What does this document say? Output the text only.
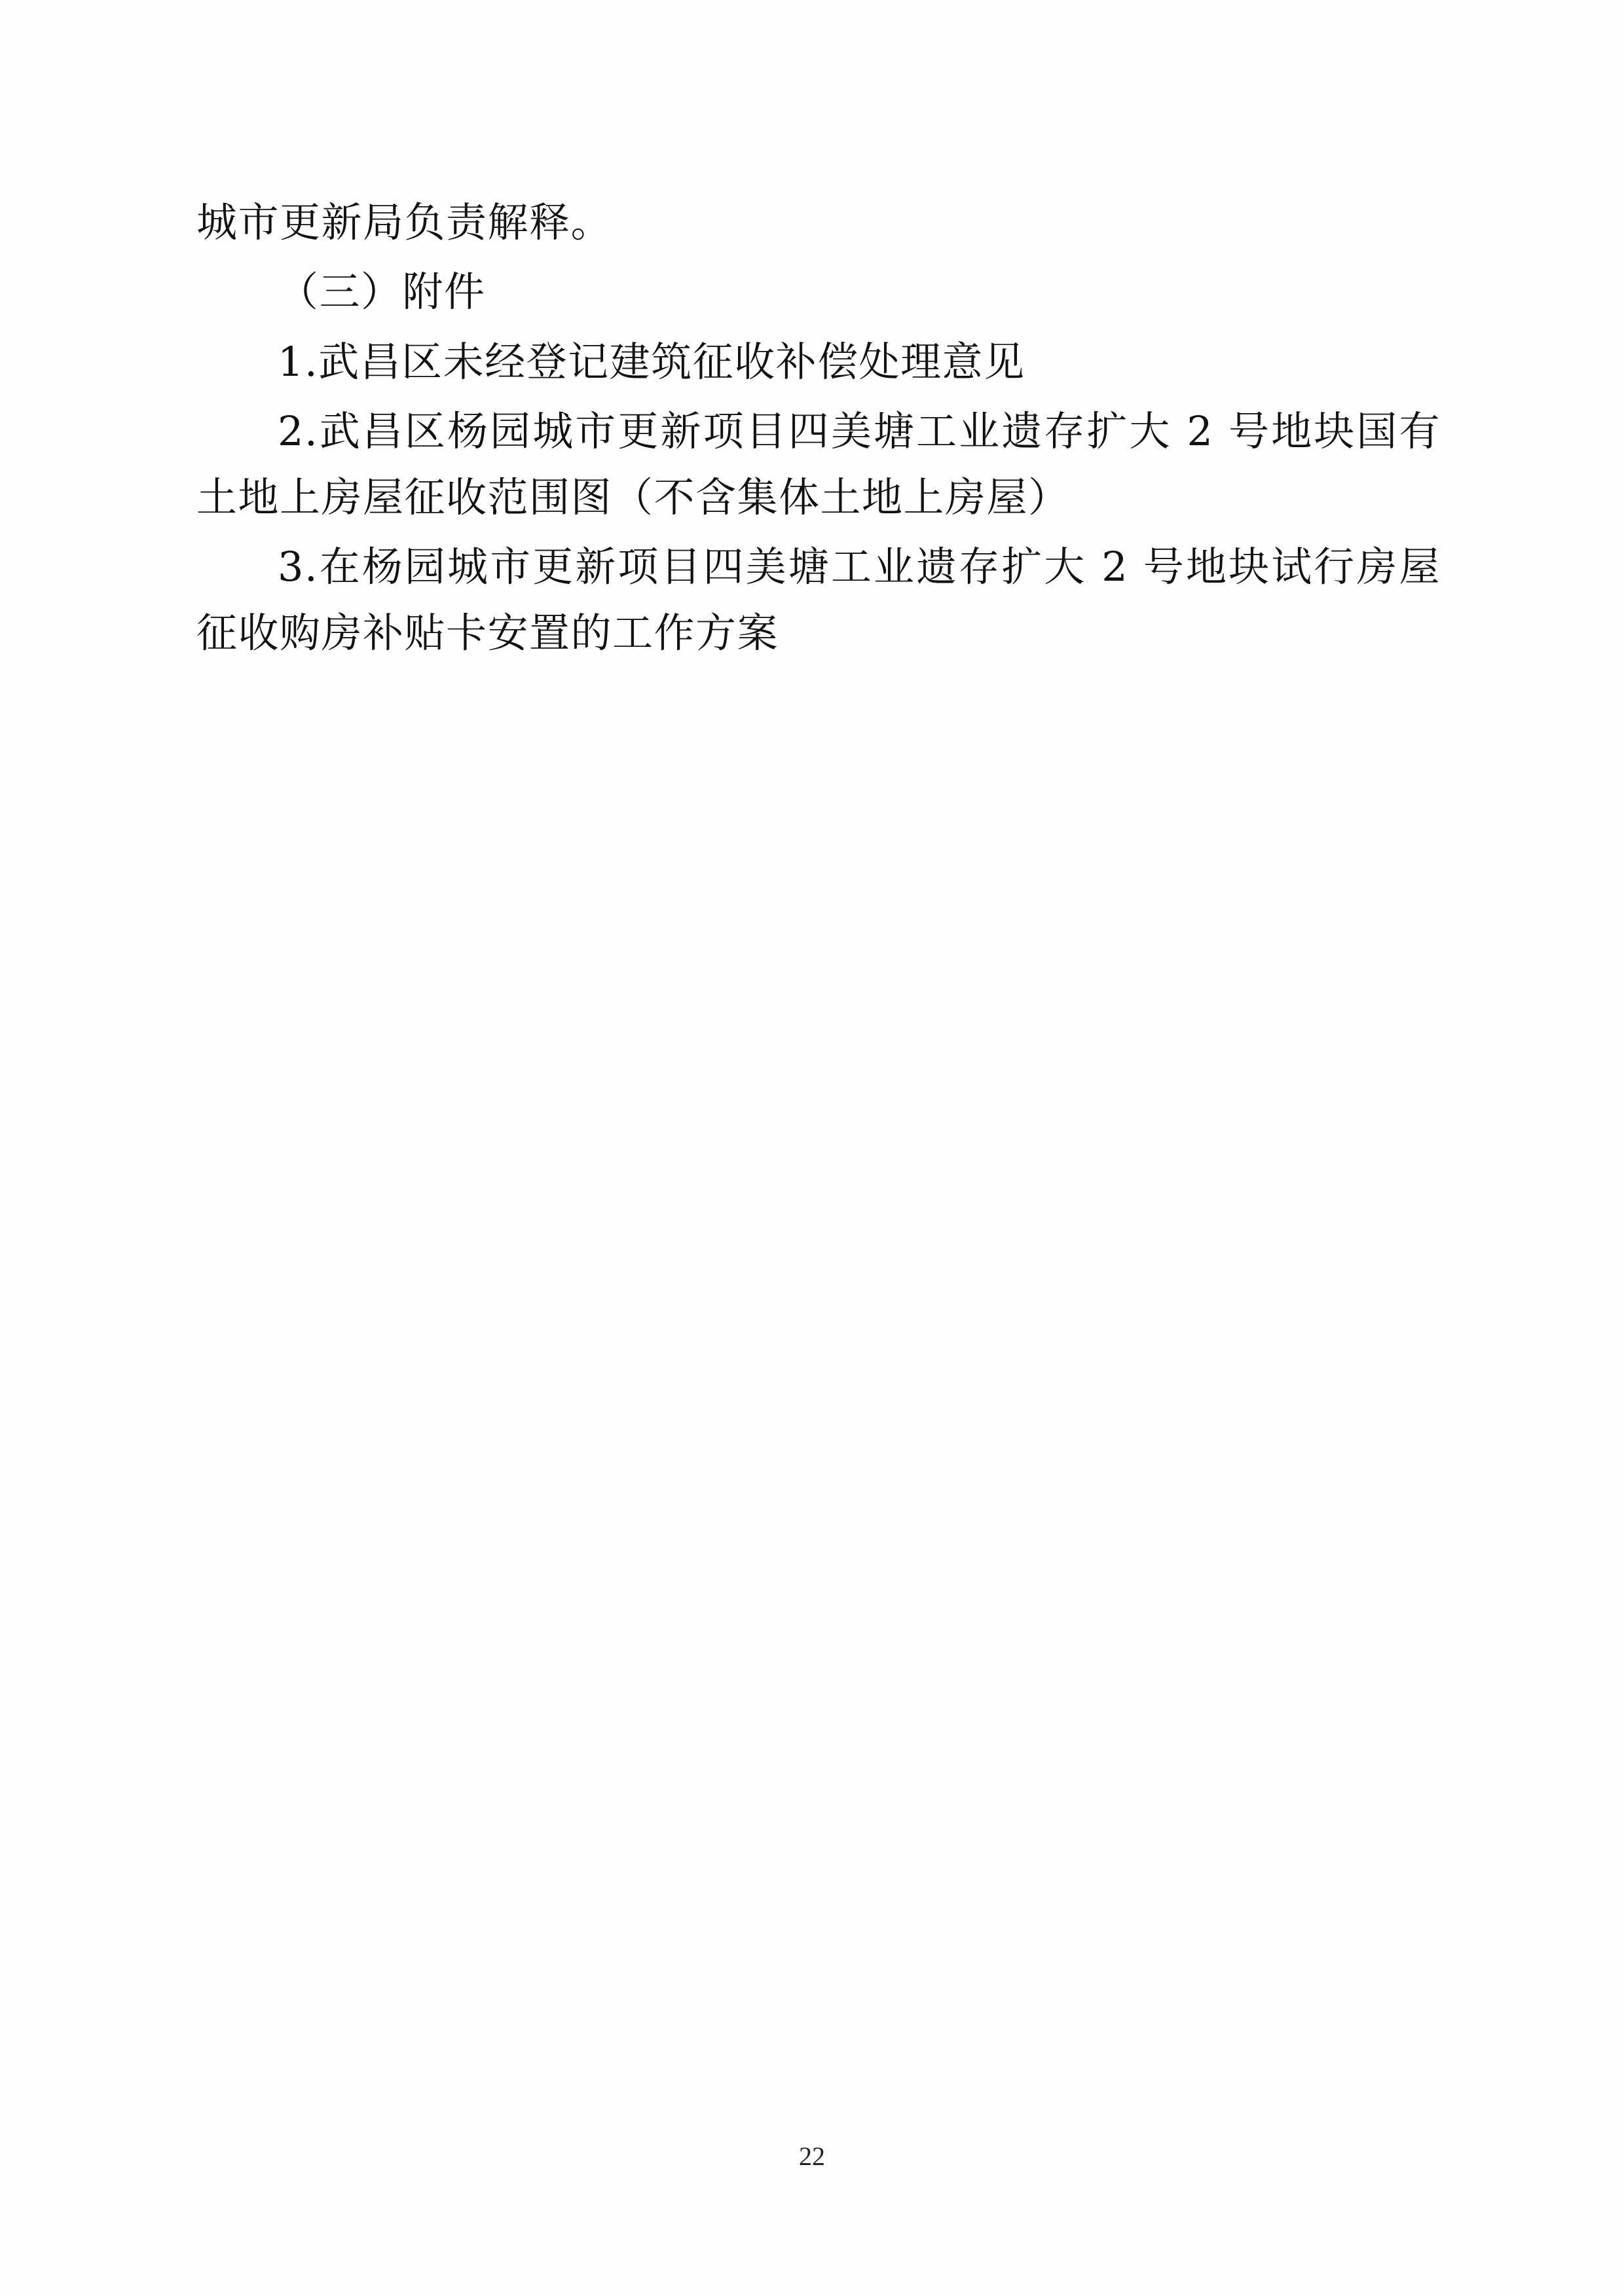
城市更新局负责解释。

（三）附件

1.武昌区未经登记建筑征收补偿处理意见

2.武昌区杨园城市更新项目四美塘工业遗存扩大 2 号地块国有土地上房屋征收范围图（不含集体土地上房屋）

3.在杨园城市更新项目四美塘工业遗存扩大 2 号地块试行房屋征收购房补贴卡安置的工作方案

22
